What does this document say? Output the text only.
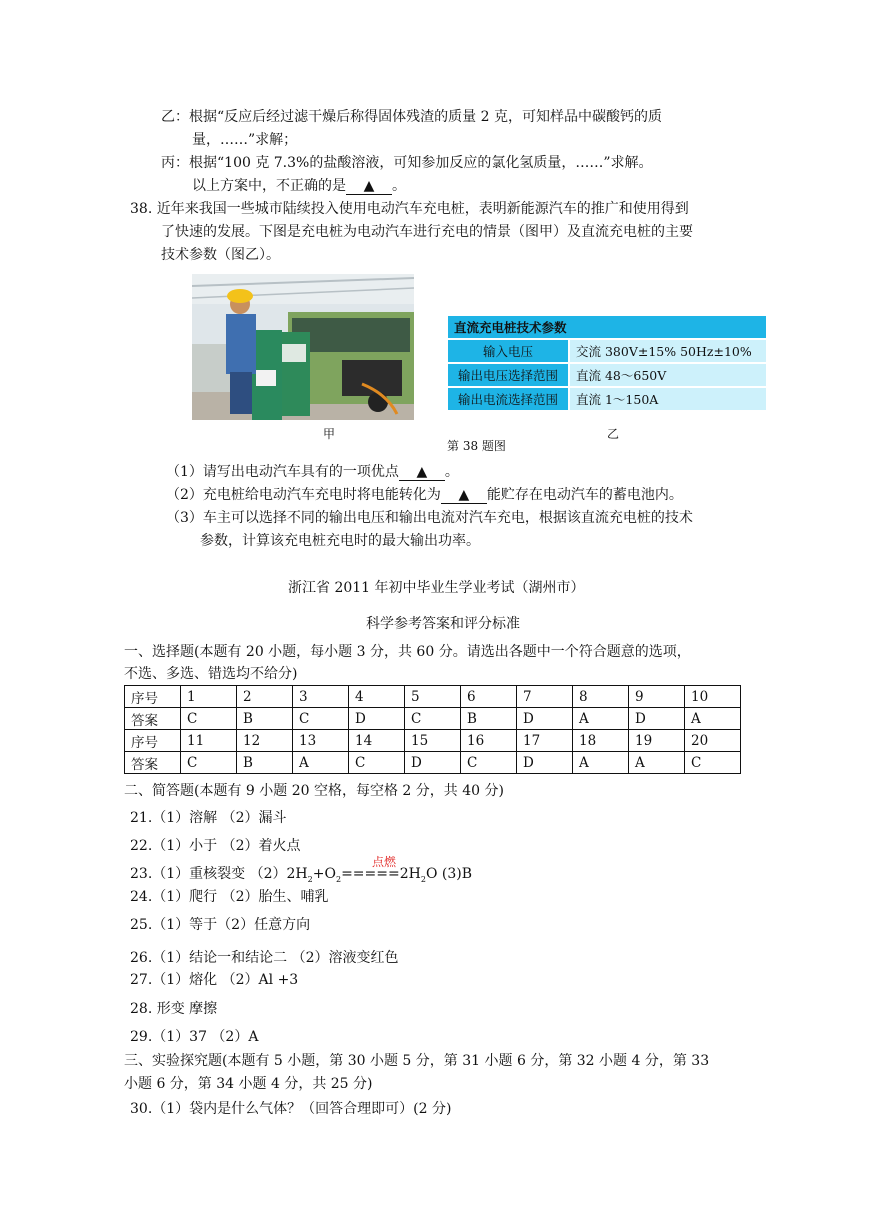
乙：根据“反应后经过滤干燥后称得固体残渣的质量 2 克，可知样品中碳酸钙的质
量，……”求解；
丙：根据“100 克 7.3%的盐酸溶液，可知参加反应的氯化氢质量，……”求解。
以上方案中，不正确的是 ▲ 。
38. 近年来我国一些城市陆续投入使用电动汽车充电桩，表明新能源汽车的推广和使用得到
了快速的发展。下图是充电桩为电动汽车进行充电的情景（图甲）及直流充电桩的主要
技术参数（图乙）。
直流充电桩技术参数	
输入电压	交流 380V±15% 50Hz±10%
输出电压选择范围	直流 48～650V
输出电流选择范围	直流 1～150A
甲	乙
第 38 题图
（1）请写出电动汽车具有的一项优点 ▲ 。
（2）充电桩给电动汽车充电时将电能转化为 ▲ 能贮存在电动汽车的蓄电池内。
（3）车主可以选择不同的输出电压和输出电流对汽车充电，根据该直流充电桩的技术
参数，计算该充电桩充电时的最大输出功率。
浙江省 2011 年初中毕业生学业考试（湖州市）
科学参考答案和评分标准
一、选择题(本题有 20 小题，每小题 3 分，共 60 分。请选出各题中一个符合题意的选项，
不选、多选、错选均不给分)
序号	1	2	3	4	5	6	7	8	9	10
答案	C	B	C	D	C	B	D	A	D	A
序号	11	12	13	14	15	16	17	18	19	20
答案	C	B	A	C	D	C	D	A	A	C
二、简答题(本题有 9 小题 20 空格，每空格 2 分，共 40 分)
21.（1）溶解 （2）漏斗
22.（1）小于 （2）着火点
点燃
23.（1）重核裂变 $(2)2H_2+O_2=====2H_2O$ (3)B
24.（1）爬行 （2）胎生、哺乳
25.（1）等于（2）任意方向
26.（1）结论一和结论二 （2）溶液变红色
27.（1）熔化 （2）Al +3
28. 形变 摩擦
29.（1）37 （2）A
三、实验探究题(本题有 5 小题，第 30 小题 5 分，第 31 小题 6 分，第 32 小题 4 分，第 33
小题 6 分，第 34 小题 4 分，共 25 分)
30.（1）袋内是什么气体？（回答合理即可）(2 分)
